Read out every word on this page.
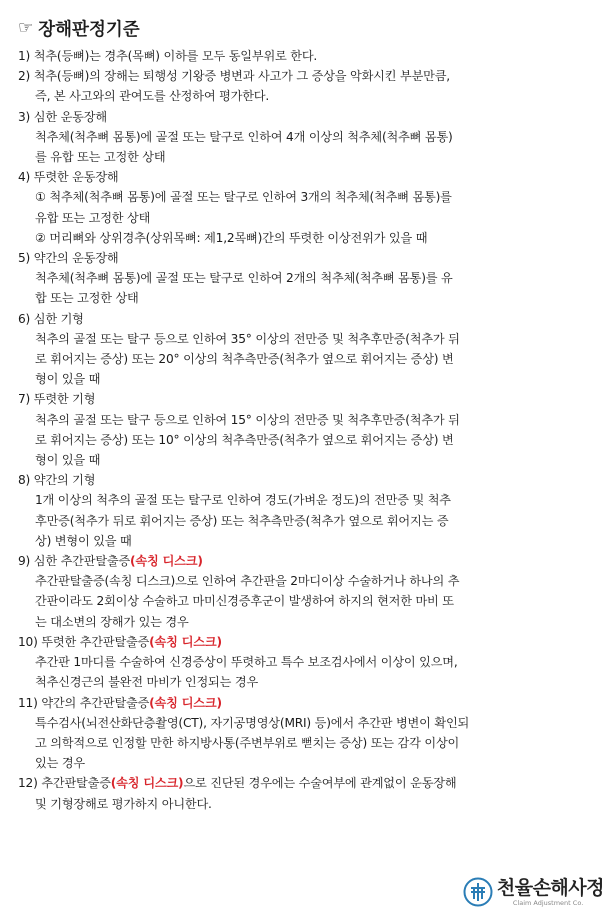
☞ 장해판정기준
1) 척추(등뼈)는 경추(목뼈) 이하를 모두 동일부위로 한다.
2) 척추(등뼈)의 장해는 퇴행성 기왕증 병변과 사고가 그 증상을 악화시킨 부분만큼,
즉, 본 사고와의 관여도를 산정하여 평가한다.
3) 심한 운동장해
척추체(척추뼈 몸통)에 골절 또는 탈구로 인하여 4개 이상의 척추체(척추뼈 몸통)
를 유합 또는 고정한 상태
4) 뚜렷한 운동장해
① 척추체(척추뼈 몸통)에 골절 또는 탈구로 인하여 3개의 척추체(척추뼈 몸통)를
유합 또는 고정한 상태
② 머리뼈와 상위경추(상위목뼈: 제1,2목뼈)간의 뚜렷한 이상전위가 있을 때
5) 약간의 운동장해
척추체(척추뼈 몸통)에 골절 또는 탈구로 인하여 2개의 척추체(척추뼈 몸통)를 유
합 또는 고정한 상태
6) 심한 기형
척추의 골절 또는 탈구 등으로 인하여 35° 이상의 전만증 및 척추후만증(척추가 뒤
로 휘어지는 증상) 또는 20° 이상의 척추측만증(척추가 옆으로 휘어지는 증상) 변
형이 있을 때
7) 뚜렷한 기형
척추의 골절 또는 탈구 등으로 인하여 15° 이상의 전만증 및 척추후만증(척추가 뒤
로 휘어지는 증상) 또는 10° 이상의 척추측만증(척추가 옆으로 휘어지는 증상) 변
형이 있을 때
8) 약간의 기형
1개 이상의 척추의 골절 또는 탈구로 인하여 경도(가벼운 정도)의 전만증 및 척추
후만증(척추가 뒤로 휘어지는 증상) 또는 척추측만증(척추가 옆으로 휘어지는 증
상) 변형이 있을 때
9) 심한 추간판탈출증(속칭 디스크)
추간판탈출증(속칭 디스크)으로 인하여 추간판을 2마디이상 수술하거나 하나의 추
간판이라도 2회이상 수술하고 마미신경증후군이 발생하여 하지의 현저한 마비 또
는 대소변의 장해가 있는 경우
10) 뚜렷한 추간판탈출증(속칭 디스크)
추간판 1마디를 수술하여 신경증상이 뚜렷하고 특수 보조검사에서 이상이 있으며,
척추신경근의 불완전 마비가 인정되는 경우
11) 약간의 추간판탈출증(속칭 디스크)
특수검사(뇌전산화단층촬영(CT), 자기공명영상(MRI) 등)에서 추간판 병변이 확인되
고 의학적으로 인정할 만한 하지방사통(주변부위로 뻗치는 증상) 또는 감각 이상이
있는 경우
12) 추간판탈출증(속칭 디스크)으로 진단된 경우에는 수술여부에 관계없이 운동장해
및 기형장해로 평가하지 아니한다.
천율손해사정
Claim Adjustment Co.
